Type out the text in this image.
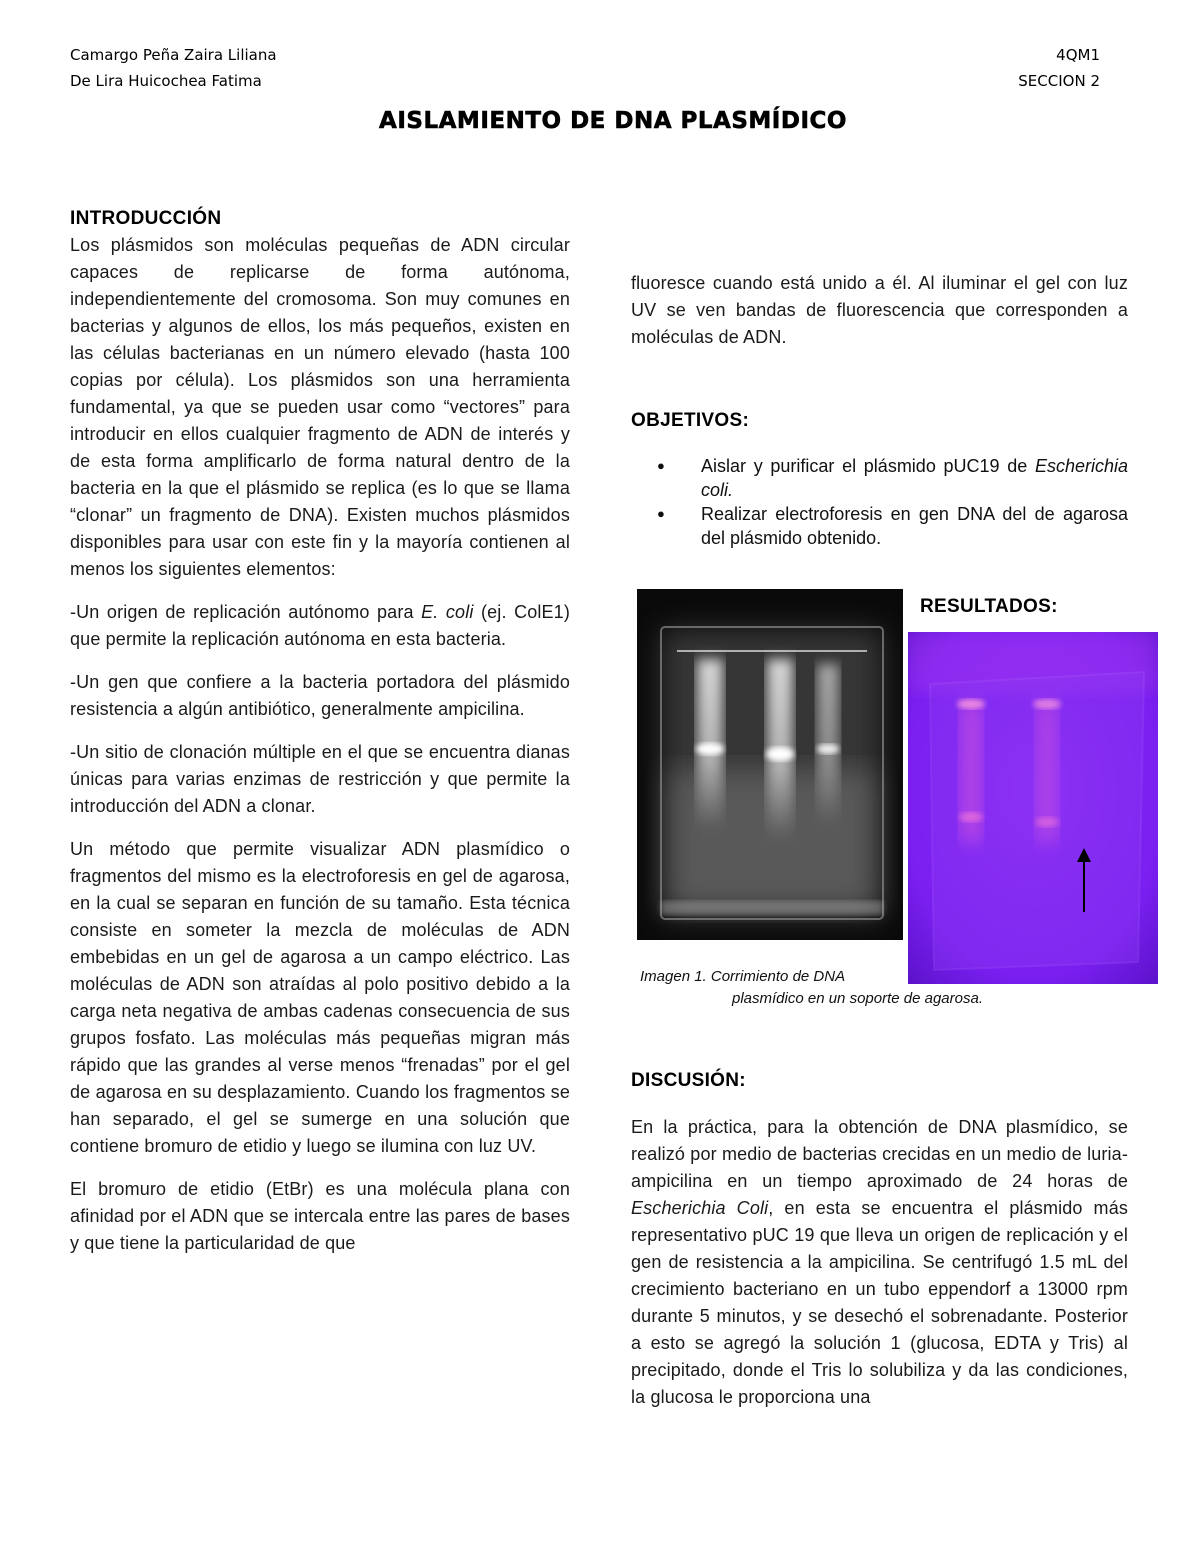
Camargo Peña Zaira Liliana
De Lira Huicochea Fatima
4QM1
SECCION 2
AISLAMIENTO DE DNA PLASMÍDICO
INTRODUCCIÓN
Los plásmidos son moléculas pequeñas de ADN circular capaces de replicarse de forma autónoma, independientemente del cromosoma. Son muy comunes en bacterias y algunos de ellos, los más pequeños, existen en las células bacterianas en un número elevado (hasta 100 copias por célula). Los plásmidos son una herramienta fundamental, ya que se pueden usar como “vectores” para introducir en ellos cualquier fragmento de ADN de interés y de esta forma amplificarlo de forma natural dentro de la bacteria en la que el plásmido se replica (es lo que se llama “clonar” un fragmento de DNA). Existen muchos plásmidos disponibles para usar con este fin y la mayoría contienen al menos los siguientes elementos:
-Un origen de replicación autónomo para E. coli (ej. ColE1) que permite la replicación autónoma en esta bacteria.
-Un gen que confiere a la bacteria portadora del plásmido resistencia a algún antibiótico, generalmente ampicilina.
-Un sitio de clonación múltiple en el que se encuentra dianas únicas para varias enzimas de restricción y que permite la introducción del ADN a clonar.
Un método que permite visualizar ADN plasmídico o fragmentos del mismo es la electroforesis en gel de agarosa, en la cual se separan en función de su tamaño. Esta técnica consiste en someter la mezcla de moléculas de ADN embebidas en un gel de agarosa a un campo eléctrico. Las moléculas de ADN son atraídas al polo positivo debido a la carga neta negativa de ambas cadenas consecuencia de sus grupos fosfato. Las moléculas más pequeñas migran más rápido que las grandes al verse menos “frenadas” por el gel de agarosa en su desplazamiento. Cuando los fragmentos se han separado, el gel se sumerge en una solución que contiene bromuro de etidio y luego se ilumina con luz UV.
El bromuro de etidio (EtBr) es una molécula plana con afinidad por el ADN que se intercala entre las pares de bases y que tiene la particularidad de que
fluoresce cuando está unido a él. Al iluminar el gel con luz UV se ven bandas de fluorescencia que corresponden a moléculas de ADN.
OBJETIVOS:
●	Aislar y purificar el plásmido pUC19 de Escherichia coli.
●	Realizar electroforesis en gen DNA del de agarosa del plásmido obtenido.
RESULTADOS:
Imagen 1. Corrimiento de DNA
plasmídico en un soporte de agarosa.
DISCUSIÓN:
En la práctica, para la obtención de DNA plasmídico, se realizó por medio de bacterias crecidas en un medio de luria-ampicilina en un tiempo aproximado de 24 horas de Escherichia Coli, en esta se encuentra el plásmido más representativo pUC 19 que lleva un origen de replicación y el gen de resistencia a la ampicilina. Se centrifugó 1.5 mL del crecimiento bacteriano en un tubo eppendorf a 13000 rpm durante 5 minutos, y se desechó el sobrenadante. Posterior a esto se agregó la solución 1 (glucosa, EDTA y Tris) al precipitado, donde el Tris lo solubiliza y da las condiciones, la glucosa le proporciona una
